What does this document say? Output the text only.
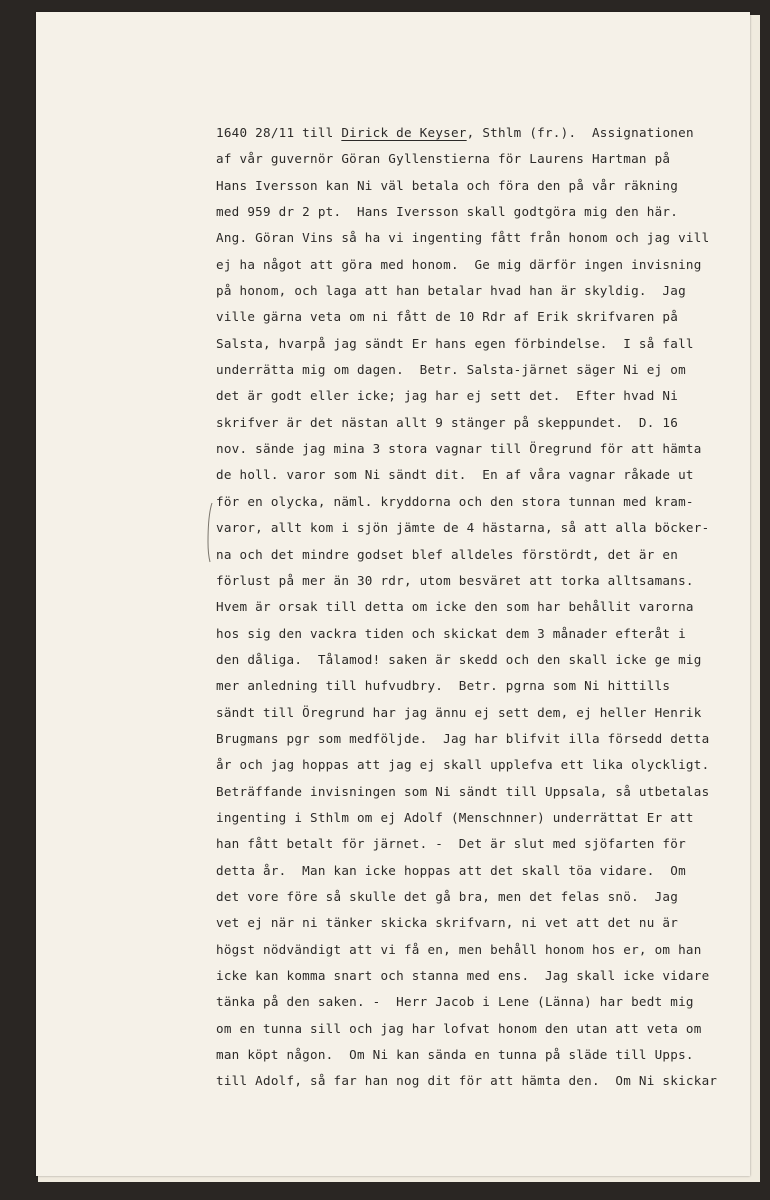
1640 28/11 till Dirick de Keyser, Sthlm (fr.).  Assignationen
af vår guvernör Göran Gyllenstierna för Laurens Hartman på
Hans Iversson kan Ni väl betala och föra den på vår räkning
med 959 dr 2 pt.  Hans Iversson skall godtgöra mig den här.
Ang. Göran Vins så ha vi ingenting fått från honom och jag vill
ej ha något att göra med honom.  Ge mig därför ingen invisning
på honom, och laga att han betalar hvad han är skyldig.  Jag
ville gärna veta om ni fått de 10 Rdr af Erik skrifvaren på
Salsta, hvarpå jag sändt Er hans egen förbindelse.  I så fall
underrätta mig om dagen.  Betr. Salsta-järnet säger Ni ej om
det är godt eller icke; jag har ej sett det.  Efter hvad Ni
skrifver är det nästan allt 9 stänger på skeppundet.  D. 16
nov. sände jag mina 3 stora vagnar till Öregrund för att hämta
de holl. varor som Ni sändt dit.  En af våra vagnar råkade ut
för en olycka, näml. kryddorna och den stora tunnan med kram-
varor, allt kom i sjön jämte de 4 hästarna, så att alla böcker-
na och det mindre godset blef alldeles förstördt, det är en
förlust på mer än 30 rdr, utom besväret att torka alltsamans.
Hvem är orsak till detta om icke den som har behållit varorna
hos sig den vackra tiden och skickat dem 3 månader efteråt i
den dåliga.  Tålamod! saken är skedd och den skall icke ge mig
mer anledning till hufvudbry.  Betr. pgrna som Ni hittills
sändt till Öregrund har jag ännu ej sett dem, ej heller Henrik
Brugmans pgr som medföljde.  Jag har blifvit illa försedd detta
år och jag hoppas att jag ej skall upplefva ett lika olyckligt.
Beträffande invisningen som Ni sändt till Uppsala, så utbetalas
ingenting i Sthlm om ej Adolf (Menschnner) underrättat Er att
han fått betalt för järnet. -  Det är slut med sjöfarten för
detta år.  Man kan icke hoppas att det skall töa vidare.  Om
det vore före så skulle det gå bra, men det felas snö.  Jag
vet ej när ni tänker skicka skrifvarn, ni vet att det nu är
högst nödvändigt att vi få en, men behåll honom hos er, om han
icke kan komma snart och stanna med ens.  Jag skall icke vidare
tänka på den saken. -  Herr Jacob i Lene (Länna) har bedt mig
om en tunna sill och jag har lofvat honom den utan att veta om
man köpt någon.  Om Ni kan sända en tunna på släde till Upps.
till Adolf, så far han nog dit för att hämta den.  Om Ni skickar
